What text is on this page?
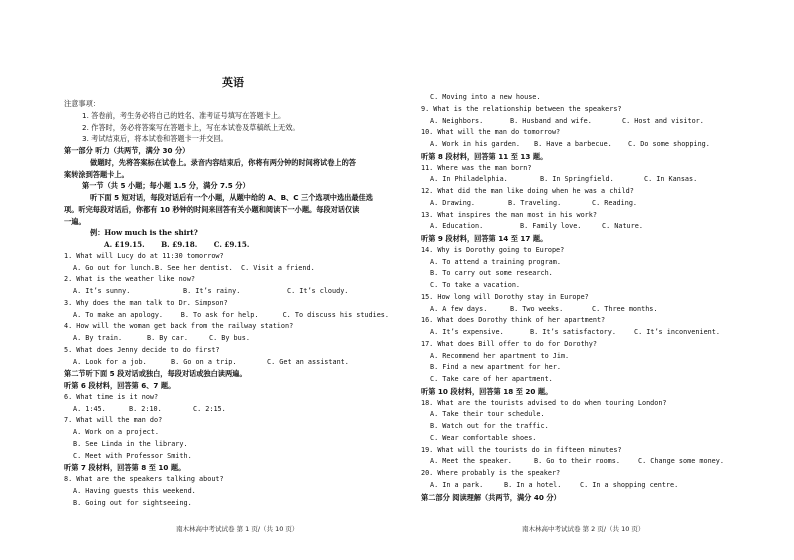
英语
注意事项：
1. 答卷前，考生务必将自己的姓名、准考证号填写在答题卡上。
2. 作答时，务必将答案写在答题卡上，写在本试卷及草稿纸上无效。
3. 考试结束后，将本试卷和答题卡一并交回。
第一部分 听力（共两节，满分 30 分）
做题时，先将答案标在试卷上。录音内容结束后，你将有两分钟的时间将试卷上的答
案转涂到答题卡上。
第一节（共 5 小题；每小题 1.5 分，满分 7.5 分）
听下面 5 短对话，每段对话后有一个小题，从题中给的 A、B、C 三个选项中选出最佳选
项。听完每段对话后，你都有 10 秒钟的时间来回答有关小题和阅读下一小题。每段对话仅读
一遍。
例：How much is the shirt?
A. £19.15. B. £9.18. C. £9.15.
1. What will Lucy do at 11:30 tomorrow?
A. Go out for lunch. B. See her dentist.	C. Visit a friend.
2. What is the weather like now?
A. It’s sunny.	B. It’s rainy.	C. It’s cloudy.
3. Why does the man talk to Dr. Simpson?
A. To make an apology.	B. To ask for help.	C. To discuss his studies.
4. How will the woman get back from the railway station?
A. By train.	B. By car.	C. By bus.
5. What does Jenny decide to do first?
A. Look for a job.	B. Go on a trip.	C. Get an assistant.
第二节听下面 5 段对话或独白，每段对话或独白读两遍。
听第 6 段材料，回答第 6、7 题。
6. What time is it now?
A. 1:45.	B. 2:10.	C. 2:15.
7. What will the man do?
A. Work on a project.
B. See Linda in the library.
C. Meet with Professor Smith.
听第 7 段材料，回答第 8 至 10 题。
8. What are the speakers talking about?
A. Having guests this weekend.
B. Going out for sightseeing.
南木林高中考试试卷 第 1 页/（共 10 页）
C. Moving into a new house.
9. What is the relationship between the speakers?
A. Neighbors.	B. Husband and wife.	C. Host and visitor.
10. What will the man do tomorrow?
A. Work in his garden.	B. Have a barbecue.	C. Do some shopping.
听第 8 段材料，回答第 11 至 13 题。
11. Where was the man born?
A. In Philadelphia.	B. In Springfield.	C. In Kansas.
12. What did the man like doing when he was a child?
A. Drawing.	B. Traveling.	C. Reading.
13. What inspires the man most in his work?
A. Education.	B. Family love.	C. Nature.
听第 9 段材料，回答第 14 至 17 题。
14. Why is Dorothy going to Europe?
A. To attend a training program.
B. To carry out some research.
C. To take a vacation.
15. How long will Dorothy stay in Europe?
A. A few days.	B. Two weeks.	C. Three months.
16. What does Dorothy think of her apartment?
A. It’s expensive.	B. It’s satisfactory.	C. It’s inconvenient.
17. What does Bill offer to do for Dorothy?
A. Recommend her apartment to Jim.
B. Find a new apartment for her.
C. Take care of her apartment.
听第 10 段材料，回答第 18 至 20 题。
18. What are the tourists advised to do when touring London?
A. Take their tour schedule.
B. Watch out for the traffic.
C. Wear comfortable shoes.
19. What will the tourists do in fifteen minutes?
A. Meet the speaker.	B. Go to their rooms.	C. Change some money.
20. Where probably is the speaker?
A. In a park.	B. In a hotel.	C. In a shopping centre.
第二部分 阅读理解（共两节，满分 40 分）
南木林高中考试试卷 第 2 页/（共 10 页）
